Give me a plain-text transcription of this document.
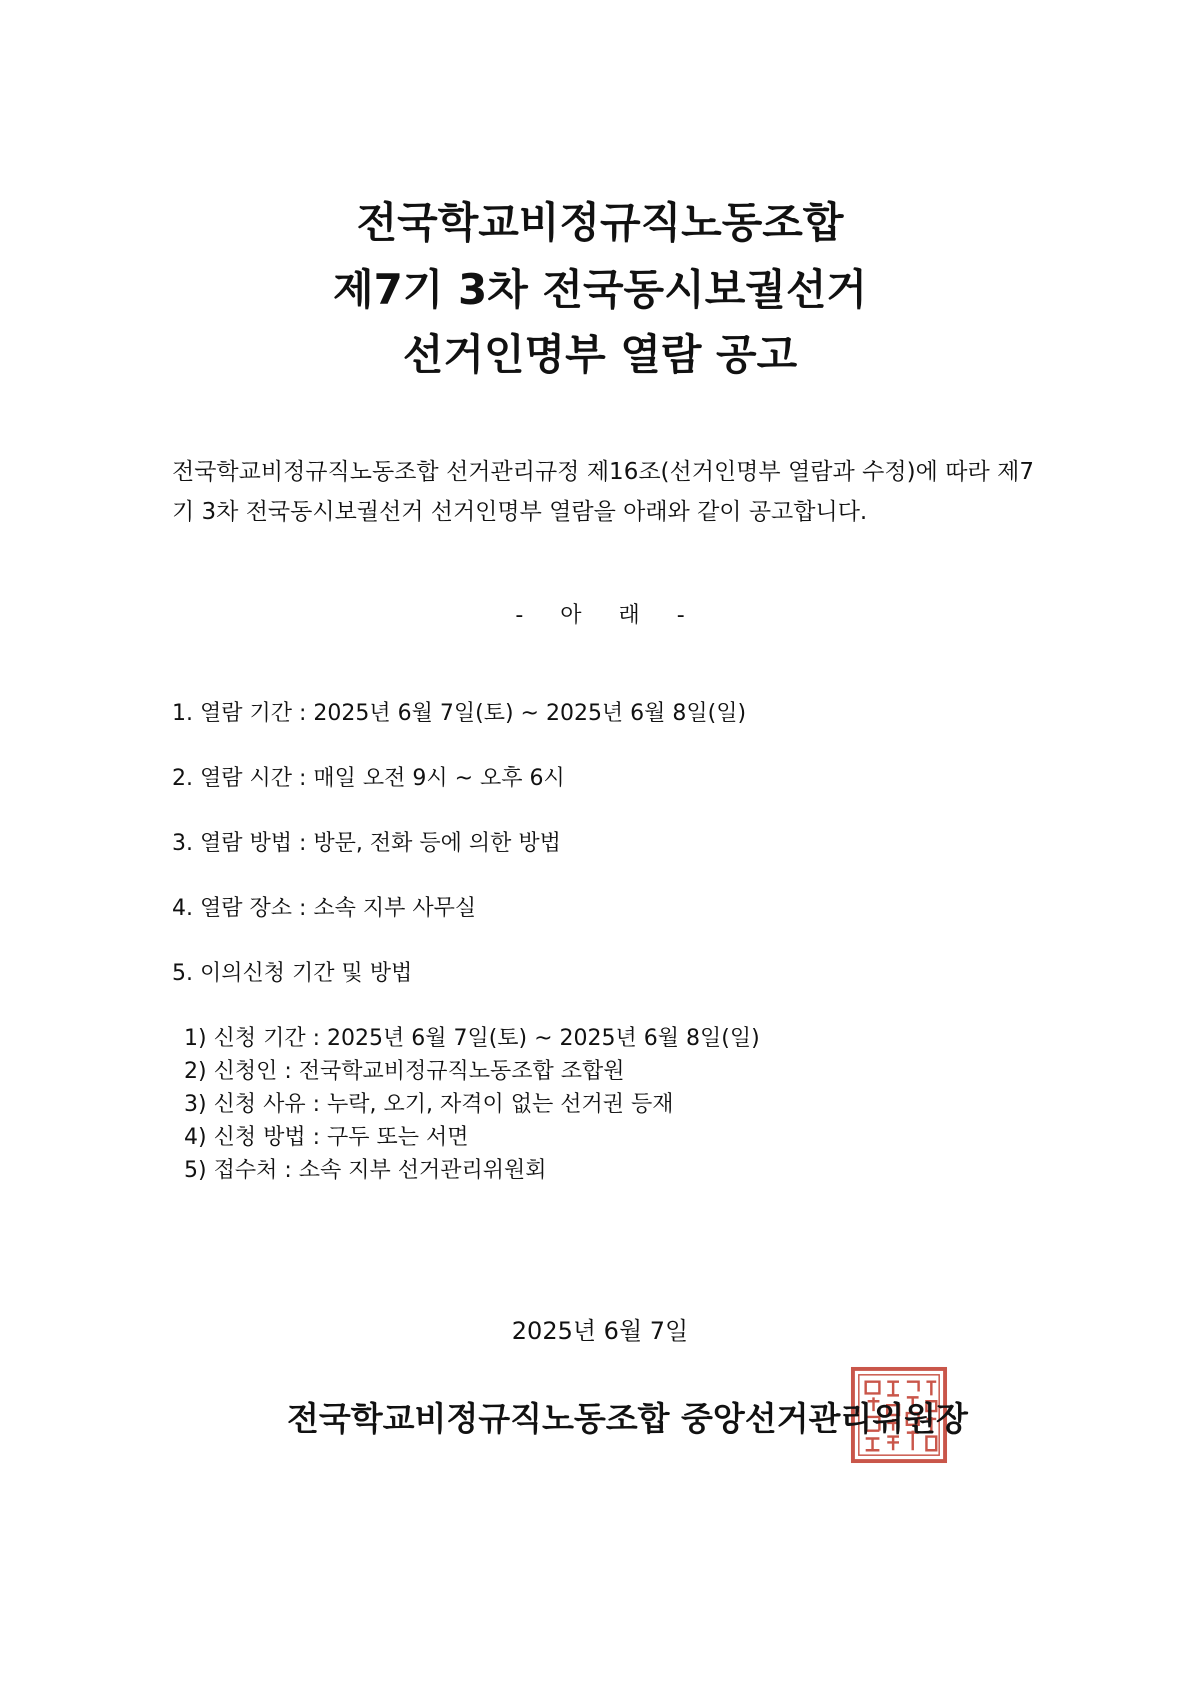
전국학교비정규직노동조합
제7기 3차 전국동시보궐선거
선거인명부 열람 공고
전국학교비정규직노동조합 선거관리규정 제16조(선거인명부 열람과 수정)에 따라 제7기 3차 전국동시보궐선거 선거인명부 열람을 아래와 같이 공고합니다.
- 아 래 -
1. 열람 기간 : 2025년 6월 7일(토) ~ 2025년 6월 8일(일)
2. 열람 시간 : 매일 오전 9시 ~ 오후 6시
3. 열람 방법 : 방문, 전화 등에 의한 방법
4. 열람 장소 : 소속 지부 사무실
5. 이의신청 기간 및 방법
1) 신청 기간 : 2025년 6월 7일(토) ~ 2025년 6월 8일(일)
2) 신청인 : 전국학교비정규직노동조합 조합원
3) 신청 사유 : 누락, 오기, 자격이 없는 선거권 등재
4) 신청 방법 : 구두 또는 서면
5) 접수처 : 소속 지부 선거관리위원회
2025년 6월 7일
전국학교비정규직노동조합 중앙선거관리위원장
